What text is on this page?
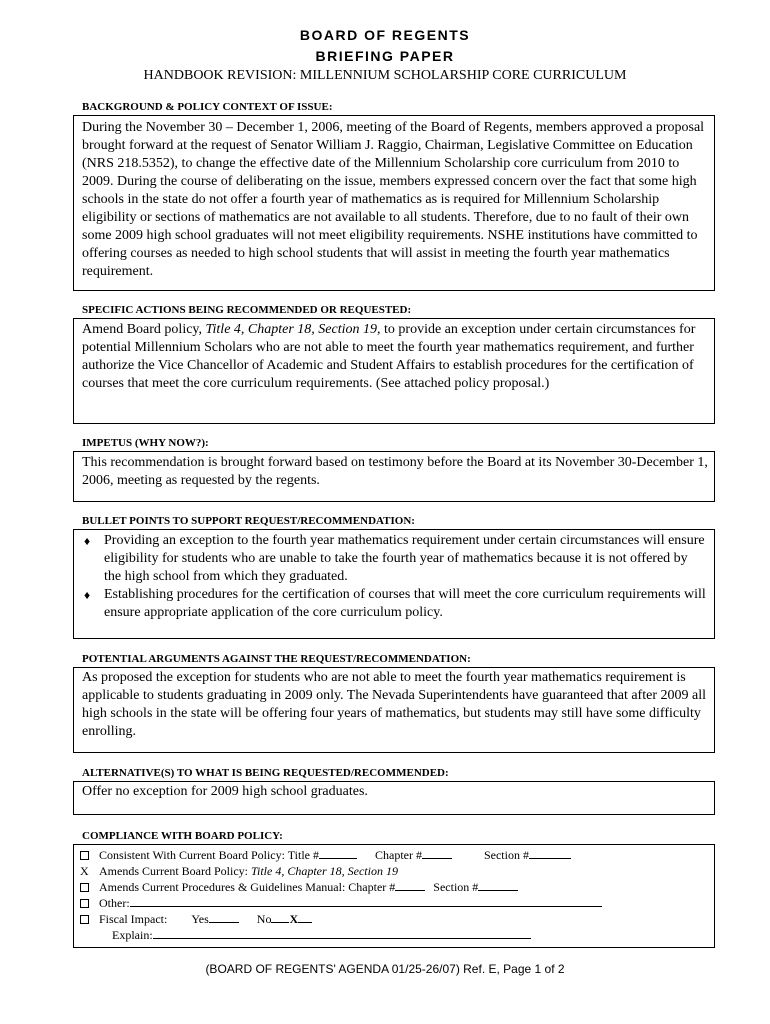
BOARD OF REGENTS
BRIEFING PAPER
HANDBOOK REVISION: MILLENNIUM SCHOLARSHIP CORE CURRICULUM
BACKGROUND & POLICY CONTEXT OF ISSUE:

During the November 30 – December 1, 2006, meeting of the Board of Regents, members approved a proposal brought forward at the request of Senator William J. Raggio, Chairman, Legislative Committee on Education (NRS 218.5352), to change the effective date of the Millennium Scholarship core curriculum from 2010 to 2009. During the course of deliberating on the issue, members expressed concern over the fact that some high schools in the state do not offer a fourth year of mathematics as is required for Millennium Scholarship eligibility or sections of mathematics are not available to all students. Therefore, due to no fault of their own some 2009 high school graduates will not meet eligibility requirements. NSHE institutions have committed to offering courses as needed to high school students that will assist in meeting the fourth year mathematics requirement.

SPECIFIC ACTIONS BEING RECOMMENDED OR REQUESTED:

Amend Board policy, Title 4, Chapter 18, Section 19, to provide an exception under certain circumstances for potential Millennium Scholars who are not able to meet the fourth year mathematics requirement, and further authorize the Vice Chancellor of Academic and Student Affairs to establish procedures for the certification of courses that meet the core curriculum requirements. (See attached policy proposal.)

IMPETUS (WHY NOW?):

This recommendation is brought forward based on testimony before the Board at its November 30-December 1, 2006, meeting as requested by the regents.

BULLET POINTS TO SUPPORT REQUEST/RECOMMENDATION:
♦ Providing an exception to the fourth year mathematics requirement under certain circumstances will ensure eligibility for students who are unable to take the fourth year of mathematics because it is not offered by the high school from which they graduated.
♦ Establishing procedures for the certification of courses that will meet the core curriculum requirements will ensure appropriate application of the core curriculum policy.
POTENTIAL ARGUMENTS AGAINST THE REQUEST/RECOMMENDATION:

As proposed the exception for students who are not able to meet the fourth year mathematics requirement is applicable to students graduating in 2009 only. The Nevada Superintendents have guaranteed that after 2009 all high schools in the state will be offering four years of mathematics, but students may still have some difficulty enrolling.

ALTERNATIVE(S) TO WHAT IS BEING REQUESTED/RECOMMENDED:

Offer no exception for 2009 high school graduates.

COMPLIANCE WITH BOARD POLICY:
Consistent With Current Board Policy: Title #	Chapter #	Section #
X Amends Current Board Policy: Title 4, Chapter 18, Section 19
Amends Current Procedures & Guidelines Manual: Chapter #	Section #
Other:
Fiscal Impact: Yes	No X
Explain:
(BOARD OF REGENTS' AGENDA 01/25-26/07) Ref. E, Page 1 of 2
